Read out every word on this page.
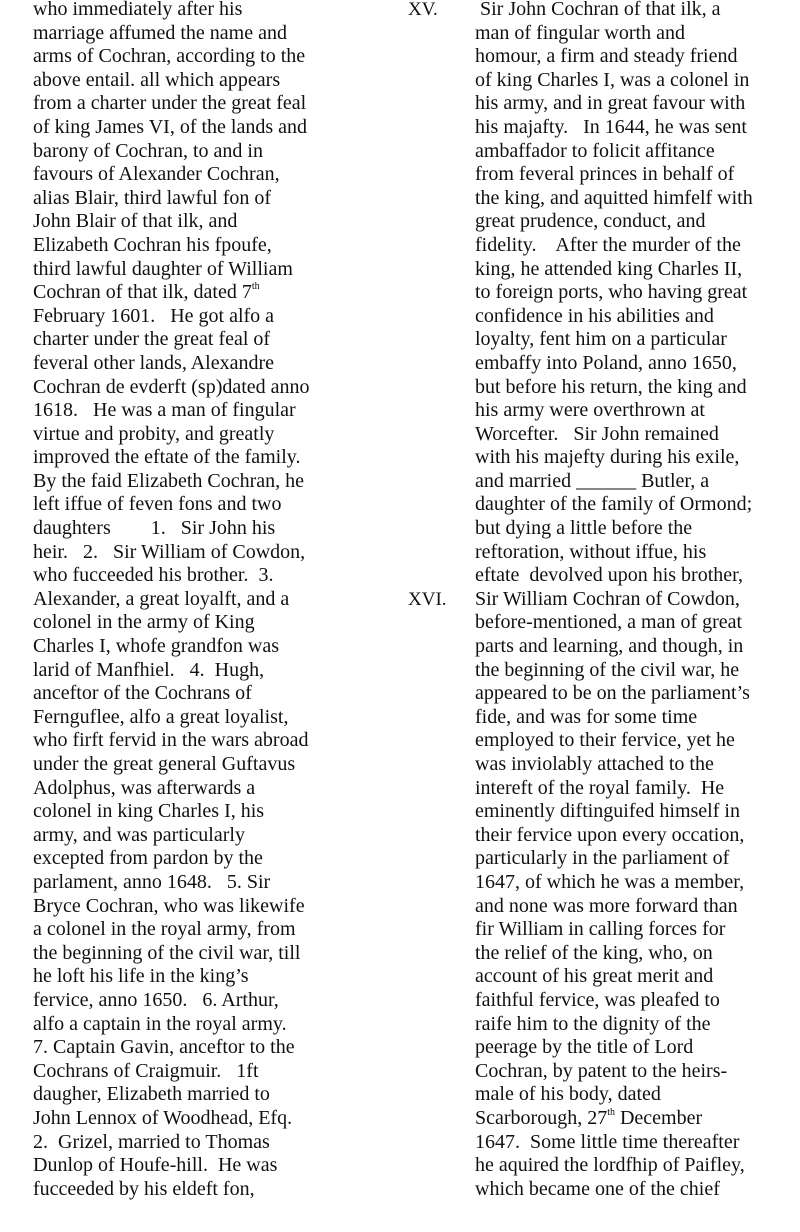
who immediately after his
marriage affumed the name and
arms of Cochran, according to the
above entail. all which appears
from a charter under the great feal
of king James VI, of the lands and
barony of Cochran, to and in
favours of Alexander Cochran,
alias Blair, third lawful fon of
John Blair of that ilk, and
Elizabeth Cochran his fpoufe,
third lawful daughter of William
Cochran of that ilk, dated 7th
February 1601.   He got alfo a
charter under the great feal of
feveral other lands, Alexandre
Cochran de evderft (sp)dated anno
1618.   He was a man of fingular
virtue and probity, and greatly
improved the eftate of the family.
By the faid Elizabeth Cochran, he
left iffue of feven fons and two
daughters        1.   Sir John his
heir.   2.   Sir William of Cowdon,
who fucceeded his brother.  3.
Alexander, a great loyalft, and a
colonel in the army of King
Charles I, whofe grandfon was
larid of Manfhiel.   4.  Hugh,
anceftor of the Cochrans of
Fernguflee, alfo a great loyalist,
who firft fervid in the wars abroad
under the great general Guftavus
Adolphus, was afterwards a
colonel in king Charles I, his
army, and was particularly
excepted from pardon by the
parlament, anno 1648.   5. Sir
Bryce Cochran, who was likewife
a colonel in the royal army, from
the beginning of the civil war, till
he loft his life in the king’s
fervice, anno 1650.   6. Arthur,
alfo a captain in the royal army.
7. Captain Gavin, anceftor to the
Cochrans of Craigmuir.   1ft
daugher, Elizabeth married to
John Lennox of Woodhead, Efq.
2.  Grizel, married to Thomas
Dunlop of Houfe-hill.  He was
fucceeded by his eldeft fon,
XV. Sir John Cochran of that ilk, a
man of fingular worth and
homour, a firm and steady friend
of king Charles I, was a colonel in
his army, and in great favour with
his majafty.   In 1644, he was sent
ambaffador to folicit affitance
from feveral princes in behalf of
the king, and aquitted himfelf with
great prudence, conduct, and
fidelity.    After the murder of the
king, he attended king Charles II,
to foreign ports, who having great
confidence in his abilities and
loyalty, fent him on a particular
embaffy into Poland, anno 1650,
but before his return, the king and
his army were overthrown at
Worcefter.   Sir John remained
with his majefty during his exile,
and married ______ Butler, a
daughter of the family of Ormond;
but dying a little before the
reftoration, without iffue, his
eftate  devolved upon his brother,
XVI. Sir William Cochran of Cowdon,
before-mentioned, a man of great
parts and learning, and though, in
the beginning of the civil war, he
appeared to be on the parliament’s
fide, and was for some time
employed to their fervice, yet he
was inviolably attached to the
intereft of the royal family.  He
eminently diftinguifed himself in
their fervice upon every occation,
particularly in the parliament of
1647, of which he was a member,
and none was more forward than
fir William in calling forces for
the relief of the king, who, on
account of his great merit and
faithful fervice, was pleafed to
raife him to the dignity of the
peerage by the title of Lord
Cochran, by patent to the heirs-
male of his body, dated
Scarborough, 27th December
1647.  Some little time thereafter
he aquired the lordfhip of Paifley,
which became one of the chief
